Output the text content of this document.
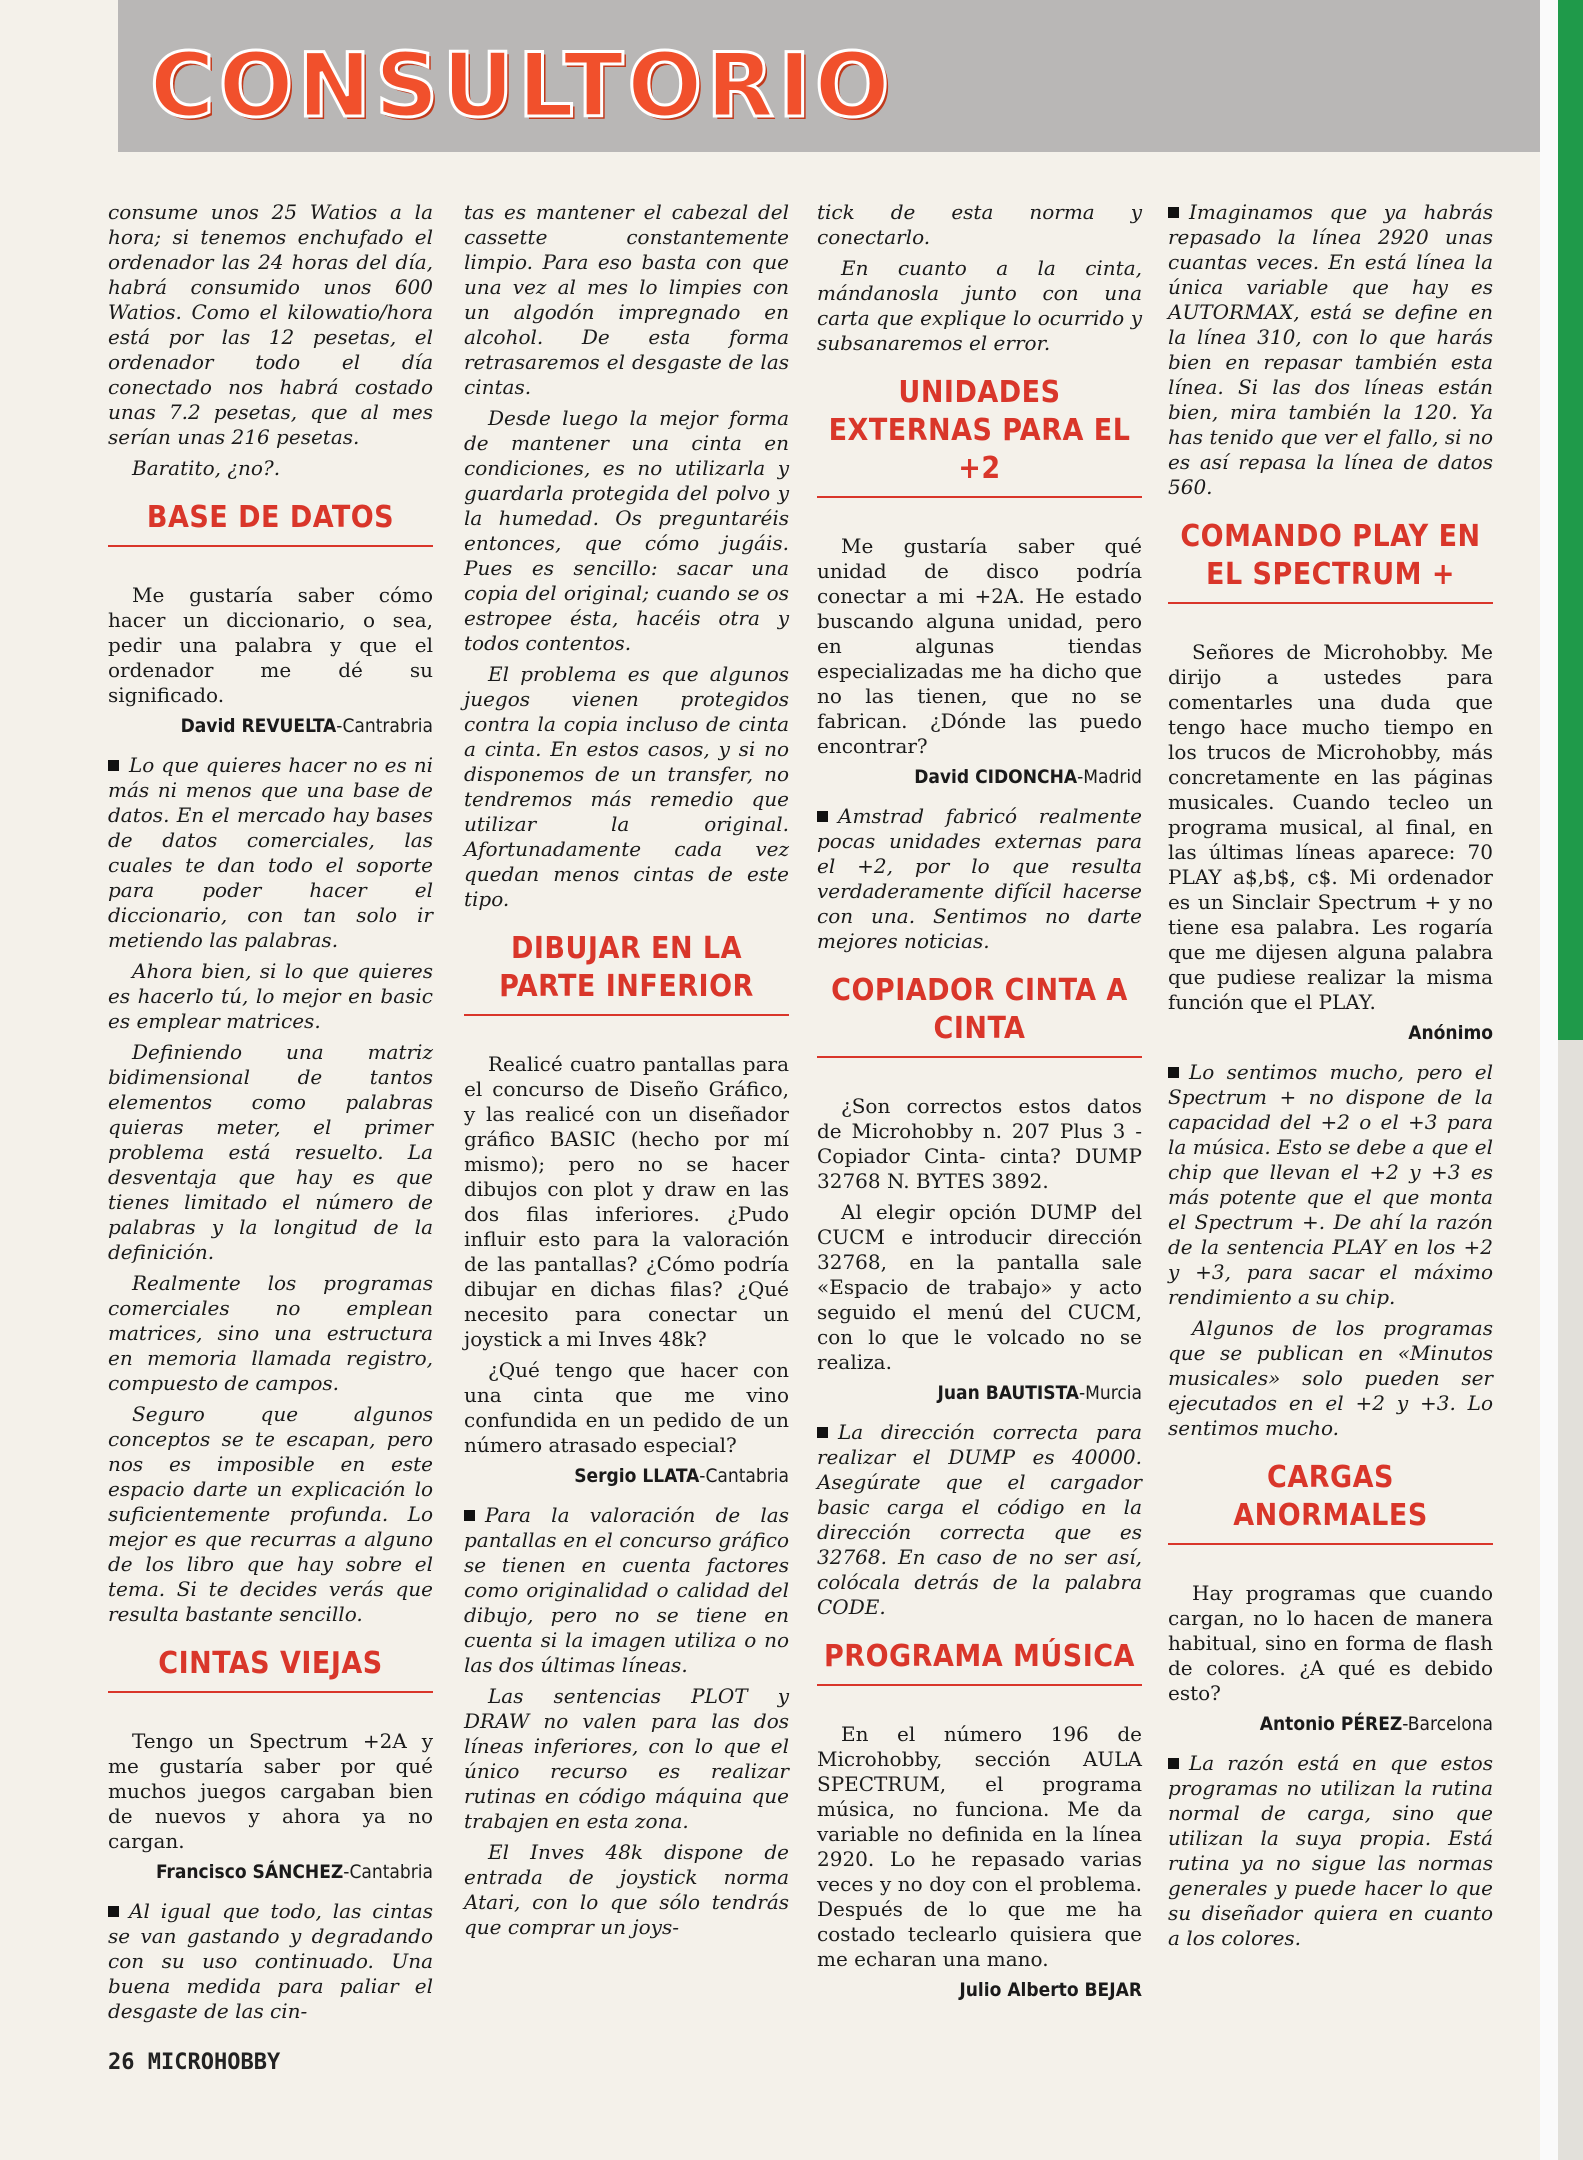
CONSULTORIO

consume unos 25 Watios a la hora; si tenemos enchufado el ordenador las 24 horas del día, habrá consumido unos 600 Watios. Como el kilowatio/hora está por las 12 pesetas, el ordenador todo el día conectado nos habrá costado unas 7.2 pesetas, que al mes serían unas 216 pesetas.

Baratito, ¿no?.

BASE DE DATOS

Me gustaría saber cómo hacer un diccionario, o sea, pedir una palabra y que el ordenador me dé su significado.

David REVUELTA-Cantrabria

Lo que quieres hacer no es ni más ni menos que una base de datos. En el mercado hay bases de datos comerciales, las cuales te dan todo el soporte para poder hacer el diccionario, con tan solo ir metiendo las palabras.

Ahora bien, si lo que quieres es hacerlo tú, lo mejor en basic es emplear matrices.

Definiendo una matriz bidimensional de tantos elementos como palabras quieras meter, el primer problema está resuelto. La desventaja que hay es que tienes limitado el número de palabras y la longitud de la definición.

Realmente los programas comerciales no emplean matrices, sino una estructura en memoria llamada registro, compuesto de campos.

Seguro que algunos conceptos se te escapan, pero nos es imposible en este espacio darte un explicación lo suficientemente profunda. Lo mejor es que recurras a alguno de los libro que hay sobre el tema. Si te decides verás que resulta bastante sencillo.

CINTAS VIEJAS

Tengo un Spectrum +2A y me gustaría saber por qué muchos juegos cargaban bien de nuevos y ahora ya no cargan.

Francisco SÁNCHEZ-Cantabria

Al igual que todo, las cintas se van gastando y degradando con su uso continuado. Una buena medida para paliar el desgaste de las cin-

tas es mantener el cabezal del cassette constantemente limpio. Para eso basta con que una vez al mes lo limpies con un algodón impregnado en alcohol. De esta forma retrasaremos el desgaste de las cintas.

Desde luego la mejor forma de mantener una cinta en condiciones, es no utilizarla y guardarla protegida del polvo y la humedad. Os preguntaréis entonces, que cómo jugáis. Pues es sencillo: sacar una copia del original; cuando se os estropee ésta, hacéis otra y todos contentos.

El problema es que algunos juegos vienen protegidos contra la copia incluso de cinta a cinta. En estos casos, y si no disponemos de un transfer, no tendremos más remedio que utilizar la original. Afortunadamente cada vez quedan menos cintas de este tipo.

DIBUJAR EN LA PARTE INFERIOR

Realicé cuatro pantallas para el concurso de Diseño Gráfico, y las realicé con un diseñador gráfico BASIC (hecho por mí mismo); pero no se hacer dibujos con plot y draw en las dos filas inferiores. ¿Pudo influir esto para la valoración de las pantallas? ¿Cómo podría dibujar en dichas filas? ¿Qué necesito para conectar un joystick a mi Inves 48k?

¿Qué tengo que hacer con una cinta que me vino confundida en un pedido de un número atrasado especial?

Sergio LLATA-Cantabria

Para la valoración de las pantallas en el concurso gráfico se tienen en cuenta factores como originalidad o calidad del dibujo, pero no se tiene en cuenta si la imagen utiliza o no las dos últimas líneas.

Las sentencias PLOT y DRAW no valen para las dos líneas inferiores, con lo que el único recurso es realizar rutinas en código máquina que trabajen en esta zona.

El Inves 48k dispone de entrada de joystick norma Atari, con lo que sólo tendrás que comprar un joys-

tick de esta norma y conectarlo.

En cuanto a la cinta, mándanosla junto con una carta que explique lo ocurrido y subsanaremos el error.

UNIDADES EXTERNAS PARA EL +2

Me gustaría saber qué unidad de disco podría conectar a mi +2A. He estado buscando alguna unidad, pero en algunas tiendas especializadas me ha dicho que no las tienen, que no se fabrican. ¿Dónde las puedo encontrar?

David CIDONCHA-Madrid

Amstrad fabricó realmente pocas unidades externas para el +2, por lo que resulta verdaderamente difícil hacerse con una. Sentimos no darte mejores noticias.

COPIADOR CINTA A CINTA

¿Son correctos estos datos de Microhobby n. 207 Plus 3 -Copiador Cinta- cinta? DUMP 32768 N. BYTES 3892.

Al elegir opción DUMP del CUCM e introducir dirección 32768, en la pantalla sale «Espacio de trabajo» y acto seguido el menú del CUCM, con lo que le volcado no se realiza.

Juan BAUTISTA-Murcia

La dirección correcta para realizar el DUMP es 40000. Asegúrate que el cargador basic carga el código en la dirección correcta que es 32768. En caso de no ser así, colócala detrás de la palabra CODE.

PROGRAMA MÚSICA

En el número 196 de Microhobby, sección AULA SPECTRUM, el programa música, no funciona. Me da variable no definida en la línea 2920. Lo he repasado varias veces y no doy con el problema. Después de lo que me ha costado teclearlo quisiera que me echaran una mano.

Julio Alberto BEJAR

Imaginamos que ya habrás repasado la línea 2920 unas cuantas veces. En está línea la única variable que hay es AUTORMAX, está se define en la línea 310, con lo que harás bien en repasar también esta línea. Si las dos líneas están bien, mira también la 120. Ya has tenido que ver el fallo, si no es así repasa la línea de datos 560.

COMANDO PLAY EN EL SPECTRUM +

Señores de Microhobby. Me dirijo a ustedes para comentarles una duda que tengo hace mucho tiempo en los trucos de Microhobby, más concretamente en las páginas musicales. Cuando tecleo un programa musical, al final, en las últimas líneas aparece: 70 PLAY a$,b$, c$. Mi ordenador es un Sinclair Spectrum + y no tiene esa palabra. Les rogaría que me dijesen alguna palabra que pudiese realizar la misma función que el PLAY.

Anónimo

Lo sentimos mucho, pero el Spectrum + no dispone de la capacidad del +2 o el +3 para la música. Esto se debe a que el chip que llevan el +2 y +3 es más potente que el que monta el Spectrum +. De ahí la razón de la sentencia PLAY en los +2 y +3, para sacar el máximo rendimiento a su chip.

Algunos de los programas que se publican en «Minutos musicales» solo pueden ser ejecutados en el +2 y +3. Lo sentimos mucho.

CARGAS ANORMALES

Hay programas que cuando cargan, no lo hacen de manera habitual, sino en forma de flash de colores. ¿A qué es debido esto?

Antonio PÉREZ-Barcelona

La razón está en que estos programas no utilizan la rutina normal de carga, sino que utilizan la suya propia. Está rutina ya no sigue las normas generales y puede hacer lo que su diseñador quiera en cuanto a los colores.

26 MICROHOBBY
